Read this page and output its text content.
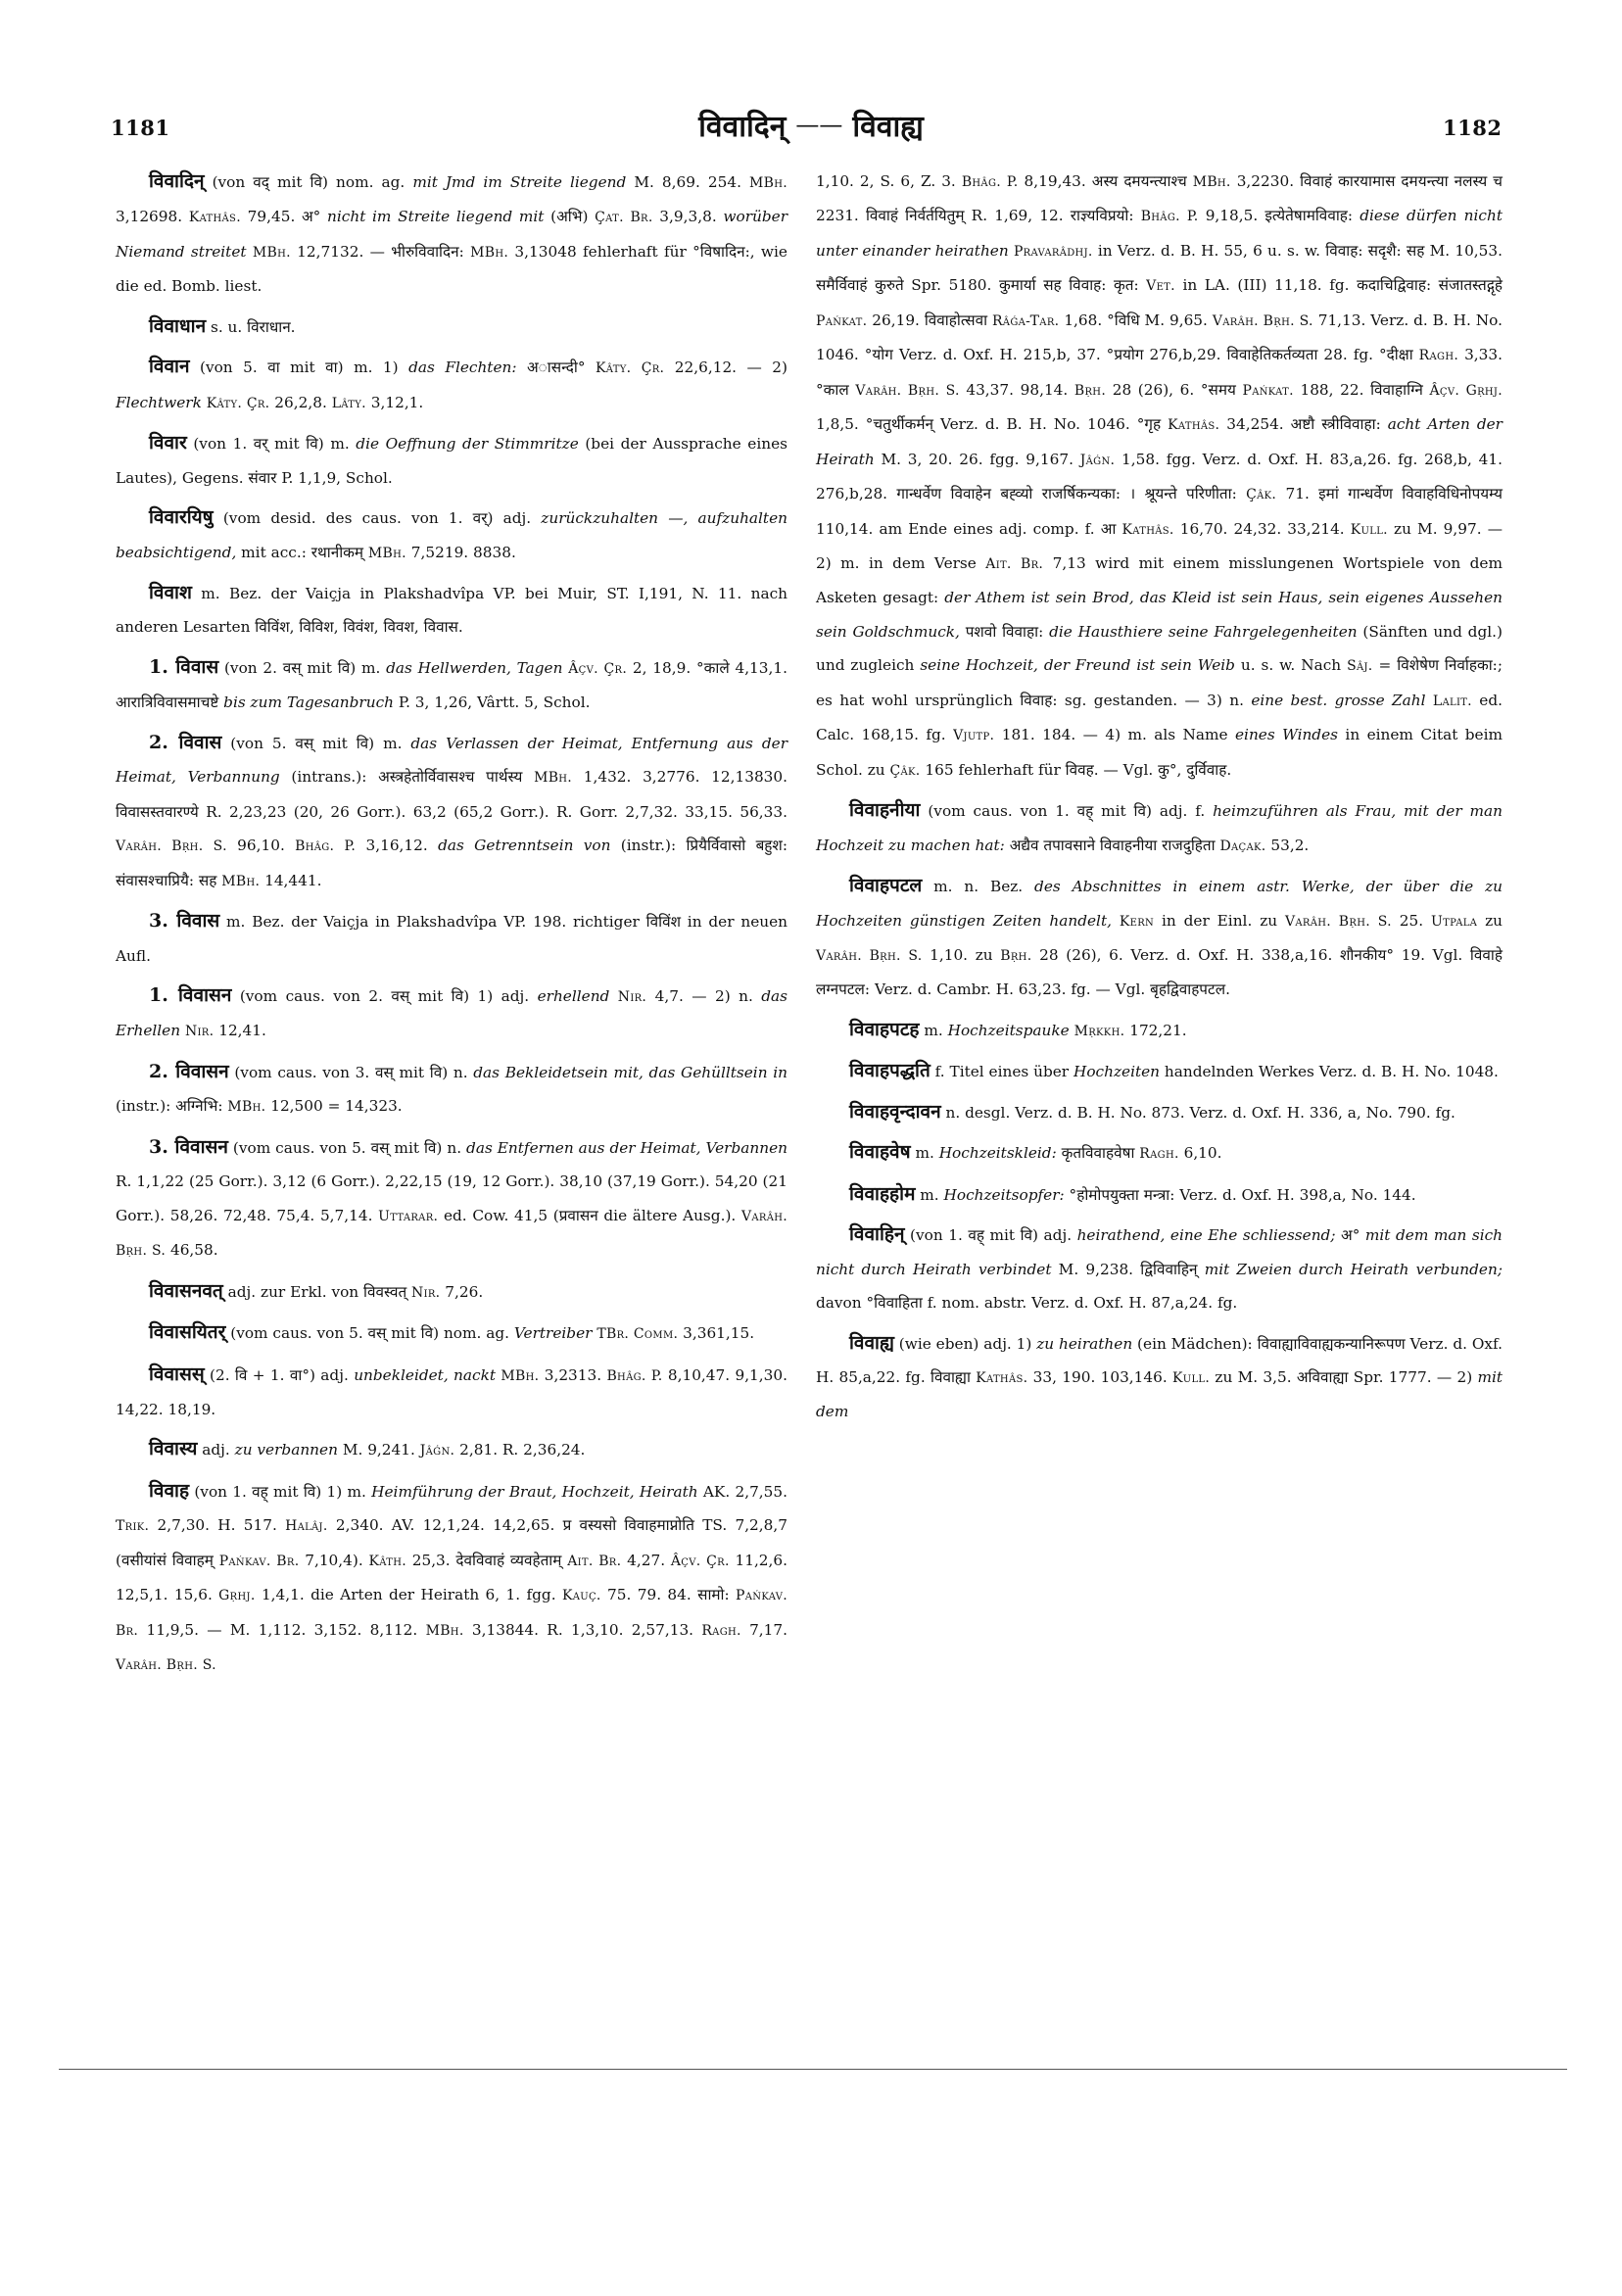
1181	विवादिन् —— विवाह्य	1182

विवादिन् (von वद् mit वि) nom. ag. mit Jmd im Streite liegend M. 8,69. 254. MBh. 3,12698. Kathâs. 79,45. अ° nicht im Streite liegend mit (अभि) Çat. Br. 3,9,3,8. worüber Niemand streitet MBh. 12,7132. — भीरुविवादिन: MBh. 3,13048 fehlerhaft für °विषादिन:, wie die ed. Bomb. liest.

विवाधान s. u. विराधान.

विवान (von 5. वा mit वा) m. 1) das Flechten: अासन्दी° Kâty. Çr. 22,6,12. — 2) Flechtwerk Kâty. Çr. 26,2,8. Lâty. 3,12,1.

विवार (von 1. वर् mit वि) m. die Oeffnung der Stimmritze (bei der Aussprache eines Lautes), Gegens. संवार P. 1,1,9, Schol.

विवारयिषु (vom desid. des caus. von 1. वर्) adj. zurückzuhalten —, aufzuhalten beabsichtigend, mit acc.: रथानीकम् MBh. 7,5219. 8838.

विवाश m. Bez. der Vaiçja in Plakshadvîpa VP. bei Muir, ST. I,191, N. 11. nach anderen Lesarten विविंश, विविश, विवंश, विवश, विवास.

1. विवास (von 2. वस् mit वि) m. das Hellwerden, Tagen Âçv. Çr. 2, 18,9. °काले 4,13,1. आरात्रिविवासमाचष्टे bis zum Tagesanbruch P. 3, 1,26, Vârtt. 5, Schol.

2. विवास (von 5. वस् mit वि) m. das Verlassen der Heimat, Entfernung aus der Heimat, Verbannung (intrans.): अस्त्रहेतोर्विवासश्च पार्थस्य MBh. 1,432. 3,2776. 12,13830. विवासस्तवारण्ये R. 2,23,23 (20, 26 Gorr.). 63,2 (65,2 Gorr.). R. Gorr. 2,7,32. 33,15. 56,33. Varâh. Bṛh. S. 96,10. Bhâg. P. 3,16,12. das Getrenntsein von (instr.): प्रियैर्विवासो बहुश: संवासश्चाप्रियै: सह MBh. 14,441.

3. विवास m. Bez. der Vaiçja in Plakshadvîpa VP. 198. richtiger विविंश in der neuen Aufl.

1. विवासन (vom caus. von 2. वस् mit वि) 1) adj. erhellend Nir. 4,7. — 2) n. das Erhellen Nir. 12,41.

2. विवासन (vom caus. von 3. वस् mit वि) n. das Bekleidetsein mit, das Gehülltsein in (instr.): अग्निभि: MBh. 12,500 = 14,323.

3. विवासन (vom caus. von 5. वस् mit वि) n. das Entfernen aus der Heimat, Verbannen R. 1,1,22 (25 Gorr.). 3,12 (6 Gorr.). 2,22,15 (19, 12 Gorr.). 38,10 (37,19 Gorr.). 54,20 (21 Gorr.). 58,26. 72,48. 75,4. 5,7,14. Uttarar. ed. Cow. 41,5 (प्रवासन die ältere Ausg.). Varâh. Bṛh. S. 46,58.

विवासनवत् adj. zur Erkl. von विवस्वत् Nir. 7,26.

विवासयितर् (vom caus. von 5. वस् mit वि) nom. ag. Vertreiber TBr. Comm. 3,361,15.

विवासस् (2. वि + 1. वा°) adj. unbekleidet, nackt MBh. 3,2313. Bhâg. P. 8,10,47. 9,1,30. 14,22. 18,19.

विवास्य adj. zu verbannen M. 9,241. Jâǵn. 2,81. R. 2,36,24.

विवाह (von 1. वह् mit वि) 1) m. Heimführung der Braut, Hochzeit, Heirath AK. 2,7,55. Trik. 2,7,30. H. 517. Halâj. 2,340. AV. 12,1,24. 14,2,65. प्र वस्यसो विवाहमाप्नोति TS. 7,2,8,7 (वसीयांसं विवाहम् Pańkav. Br. 7,10,4). Kâth. 25,3. देवविवाहं व्यवहेताम् Ait. Br. 4,27. Âçv. Çr. 11,2,6. 12,5,1. 15,6. Gṛhj. 1,4,1. die Arten der Heirath 6, 1. fgg. Kauç. 75. 79. 84. सामो: Pańkav. Br. 11,9,5. — M. 1,112. 3,152. 8,112. MBh. 3,13844. R. 1,3,10. 2,57,13. Ragh. 7,17. Varâh. Bṛh. S.

1,10. 2, S. 6, Z. 3. Bhâg. P. 8,19,43. अस्य दमयन्त्याश्च MBh. 3,2230. विवाहं कारयामास दमयन्त्या नलस्य च 2231. विवाहं निर्वर्तयितुम् R. 1,69, 12. राज्ञ्यविप्रयो: Bhâg. P. 9,18,5. इत्येतेषामविवाह: diese dürfen nicht unter einander heirathen Pravarâdhj. in Verz. d. B. H. 55, 6 u. s. w. विवाह: सदृशै: सह M. 10,53. समैर्विवाहं कुरुते Spr. 5180. कुमार्या सह विवाह: कृत: Vet. in LA. (III) 11,18. fg. कदाचिद्विवाह: संजातस्तद्गृहे Pańkat. 26,19. विवाहोत्सवा Râǵa-Tar. 1,68. °विधि M. 9,65. Varâh. Bṛh. S. 71,13. Verz. d. B. H. No. 1046. °योग Verz. d. Oxf. H. 215,b, 37. °प्रयोग 276,b,29. विवाहेतिकर्तव्यता 28. fg. °दीक्षा Ragh. 3,33. °काल Varâh. Bṛh. S. 43,37. 98,14. Bṛh. 28 (26), 6. °समय Pańkat. 188, 22. विवाहाग्नि Âçv. Gṛhj. 1,8,5. °चतुर्थीकर्मन् Verz. d. B. H. No. 1046. °गृह Kathâs. 34,254. अष्टौ स्त्रीविवाहा: acht Arten der Heirath M. 3, 20. 26. fgg. 9,167. Jâǵn. 1,58. fgg. Verz. d. Oxf. H. 83,a,26. fg. 268,b, 41. 276,b,28. गान्धर्वेण विवाहेन बह्व्यो राजर्षिकन्यका: । श्रूयन्ते परिणीता: Çâk. 71. इमां गान्धर्वेण विवाहविधिनोपयम्य 110,14. am Ende eines adj. comp. f. आ Kathâs. 16,70. 24,32. 33,214. Kull. zu M. 9,97. — 2) m. in dem Verse Ait. Br. 7,13 wird mit einem misslungenen Wortspiele von dem Asketen gesagt: der Athem ist sein Brod, das Kleid ist sein Haus, sein eigenes Aussehen sein Goldschmuck, पशवो विवाहा: die Hausthiere seine Fahrgelegenheiten (Sänften und dgl.) und zugleich seine Hochzeit, der Freund ist sein Weib u. s. w. Nach Sâj. = विशेषेण निर्वाहका:; es hat wohl ursprünglich विवाह: sg. gestanden. — 3) n. eine best. grosse Zahl Lalit. ed. Calc. 168,15. fg. Vjutp. 181. 184. — 4) m. als Name eines Windes in einem Citat beim Schol. zu Çâk. 165 fehlerhaft für विवह. — Vgl. कु°, दुर्विवाह.

विवाहनीया (vom caus. von 1. वह् mit वि) adj. f. heimzuführen als Frau, mit der man Hochzeit zu machen hat: अद्यैव तपावसाने विवाहनीया राजदुहिता Daçak. 53,2.

विवाहपटल m. n. Bez. des Abschnittes in einem astr. Werke, der über die zu Hochzeiten günstigen Zeiten handelt, Kern in der Einl. zu Varâh. Bṛh. S. 25. Utpala zu Varâh. Bṛh. S. 1,10. zu Bṛh. 28 (26), 6. Verz. d. Oxf. H. 338,a,16. शौनकीय° 19. Vgl. विवाहे लग्नपटल: Verz. d. Cambr. H. 63,23. fg. — Vgl. बृहद्विवाहपटल.

विवाहपटह m. Hochzeitspauke Mṛkkh. 172,21.

विवाहपद्धति f. Titel eines über Hochzeiten handelnden Werkes Verz. d. B. H. No. 1048.

विवाहवृन्दावन n. desgl. Verz. d. B. H. No. 873. Verz. d. Oxf. H. 336, a, No. 790. fg.

विवाहवेष m. Hochzeitskleid: कृतविवाहवेषा Ragh. 6,10.

विवाहहोम m. Hochzeitsopfer: °होमोपयुक्ता मन्त्रा: Verz. d. Oxf. H. 398,a, No. 144.

विवाहिन् (von 1. वह् mit वि) adj. heirathend, eine Ehe schliessend; अ° mit dem man sich nicht durch Heirath verbindet M. 9,238. द्विविवाहिन् mit Zweien durch Heirath verbunden; davon °विवाहिता f. nom. abstr. Verz. d. Oxf. H. 87,a,24. fg.

विवाह्य (wie eben) adj. 1) zu heirathen (ein Mädchen): विवाह्याविवाह्यकन्यानिरूपण Verz. d. Oxf. H. 85,a,22. fg. विवाह्या Kathâs. 33, 190. 103,146. Kull. zu M. 3,5. अविवाह्या Spr. 1777. — 2) mit dem
